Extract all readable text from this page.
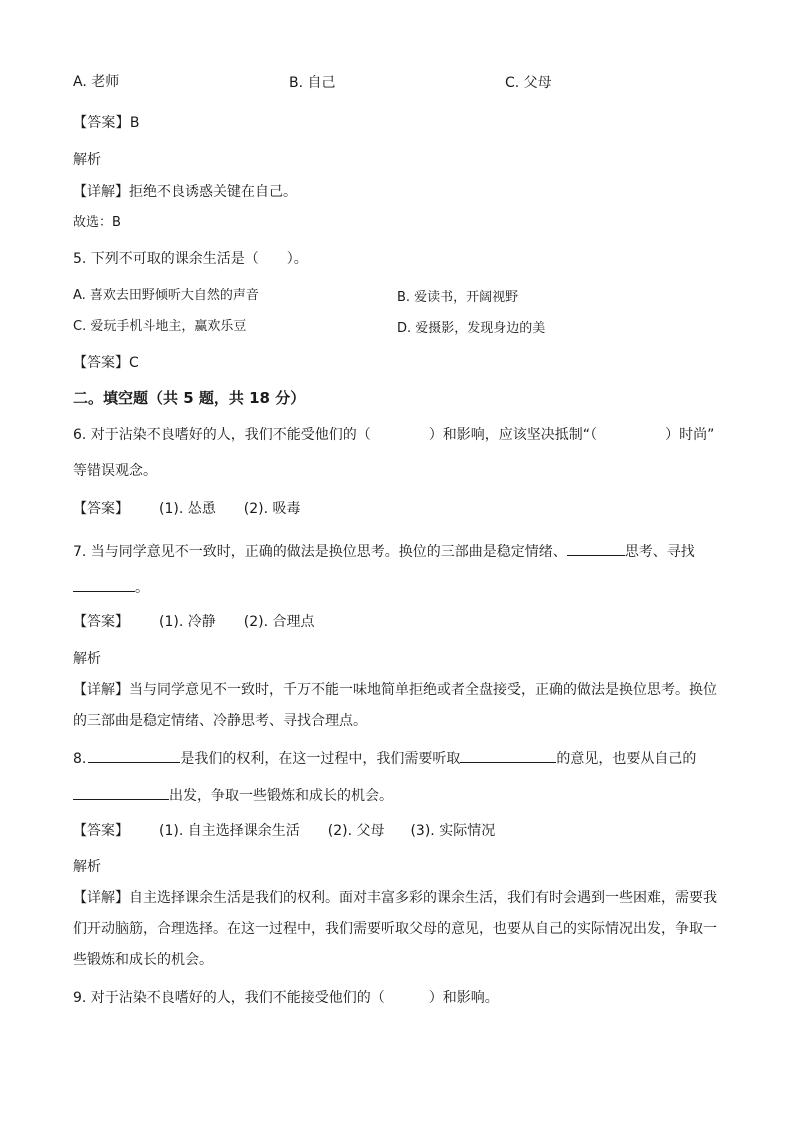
A. 老师	B. 自己	C. 父母
【答案】B
解析
【详解】拒绝不良诱惑关键在自己。
故选：B
5. 下列不可取的课余生活是（　　）。
A. 喜欢去田野倾听大自然的声音	B. 爱读书，开阔视野
C. 爱玩手机斗地主，赢欢乐豆	D. 爱摄影，发现身边的美
【答案】C
二。填空题（共 5 题，共 18 分）
6. 对于沾染不良嗜好的人，我们不能受他们的（	）和影响，应该坚决抵制“（	）时尚”
等错误观念。
【答案】 (1). 怂恿 (2). 吸毒
7. 当与同学意见不一致时，正确的做法是换位思考。换位的三部曲是稳定情绪、	思考、寻找
。
【答案】 (1). 冷静 (2). 合理点
解析
【详解】当与同学意见不一致时，千万不能一味地简单拒绝或者全盘接受，正确的做法是换位思考。换位
的三部曲是稳定情绪、冷静思考、寻找合理点。
8.	是我们的权利，在这一过程中，我们需要听取	的意见，也要从自己的
出发，争取一些锻炼和成长的机会。
【答案】 (1). 自主选择课余生活 (2). 父母 (3). 实际情况
解析
【详解】自主选择课余生活是我们的权利。面对丰富多彩的课余生活，我们有时会遇到一些困难，需要我
们开动脑筋，合理选择。在这一过程中，我们需要听取父母的意见，也要从自己的实际情况出发，争取一
些锻炼和成长的机会。
9. 对于沾染不良嗜好的人，我们不能接受他们的（	）和影响。
